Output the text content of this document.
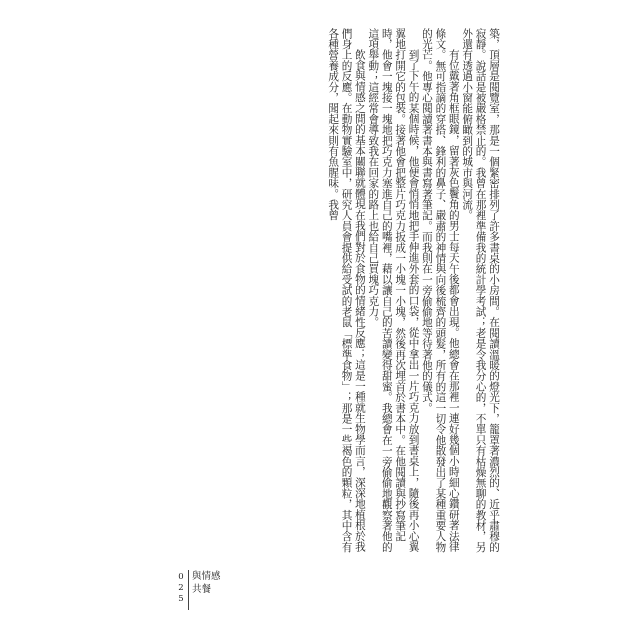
築，頂層是閱覽室，那是一個緊密排列了許多書桌的小房間。在閱讀溫暖的燈光下，籠罩著濃烈的、近乎肅穆的寂靜。說話是被嚴格禁止的。我曾在那裡準備我的統計學考試；老是令我分心的，不單只有枯燥無聊的教材，另外還有透過小窗能俯瞰到的城市與河流。

有位戴著角框眼鏡，留著灰色鬢角的男士每天午後都會出現。他總會在那裡一連好幾個小時細心鑽研著法律條文。無可指謫的穿搭、鋒利的鼻子、嚴肅的神情與向後梳齊的頭髮，所有的這一切令他散發出了某種重要人物的光芒。他專心閱讀著書本與書寫著筆記。而我則在一旁偷偷地等待著他的儀式。

到了下午的某個時候，他便會悄悄地把手伸進外套的口袋，從中拿出一片巧克力放到書桌上，隨後再小心翼翼地打開它的包裝。接著他會把整片巧克力扳成一小塊一小塊，然後再次埋首於書本中。在他閱讀與抄寫筆記時，他會一塊接一塊地把巧克力塞進自己的嘴裡，藉以讓自己的苦讀變得甜蜜。我總會在一旁偷偷地觀察著他的這項舉動；這經常會導致我在回家的路上也給自己買塊巧克力。

飲食與情感之間的基本關聯就體現在我們對於食物的情緒性反應；這是一種就生物學而言，深深地植根於我們身上的反應。在動物實驗室中，研究人員會提供給受試的老鼠「標準食物」；那是一些褐色的顆粒，其中含有各種營養成分，聞起來則有魚腥味。我曾

025 與情感
共餐
